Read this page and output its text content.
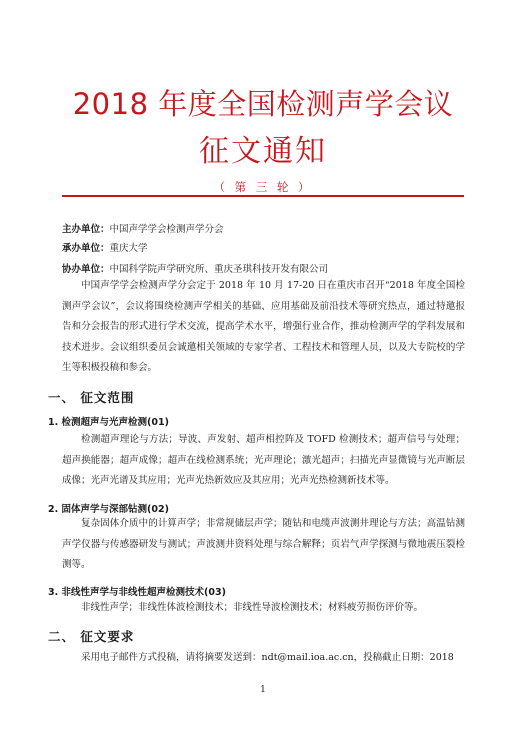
2018 年度全国检测声学会议
征文通知
（ 第 三 轮 ）
主办单位：中国声学学会检测声学分会
承办单位：重庆大学
协办单位：中国科学院声学研究所、重庆圣琪科技开发有限公司
中国声学学会检测声学分会定于 2018 年 10 月 17-20 日在重庆市召开“2018 年度全国检测声学会议”，会议将围绕检测声学相关的基础、应用基础及前沿技术等研究热点，通过特邀报告和分会报告的形式进行学术交流，提高学术水平，增强行业合作，推动检测声学的学科发展和技术进步。会议组织委员会诚邀相关领域的专家学者、工程技术和管理人员，以及大专院校的学生等积极投稿和参会。
一、 征文范围
1. 检测超声与光声检测(01)
检测超声理论与方法；导波、声发射、超声相控阵及 TOFD 检测技术；超声信号与处理；超声换能器；超声成像；超声在线检测系统；光声理论；激光超声；扫描光声显微镜与光声断层成像；光声光谱及其应用；光声光热新效应及其应用；光声光热检测新技术等。
2. 固体声学与深部钻测(02)
复杂固体介质中的计算声学；非常规储层声学；随钻和电缆声波测井理论与方法；高温钻测声学仪器与传感器研发与测试；声波测井资料处理与综合解释；页岩气声学探测与微地震压裂检测等。
3. 非线性声学与非线性超声检测技术(03)
非线性声学；非线性体波检测技术；非线性导波检测技术；材料疲劳损伤评价等。
二、 征文要求
采用电子邮件方式投稿，请将摘要发送到：ndt@mail.ioa.ac.cn，投稿截止日期：2018
1
